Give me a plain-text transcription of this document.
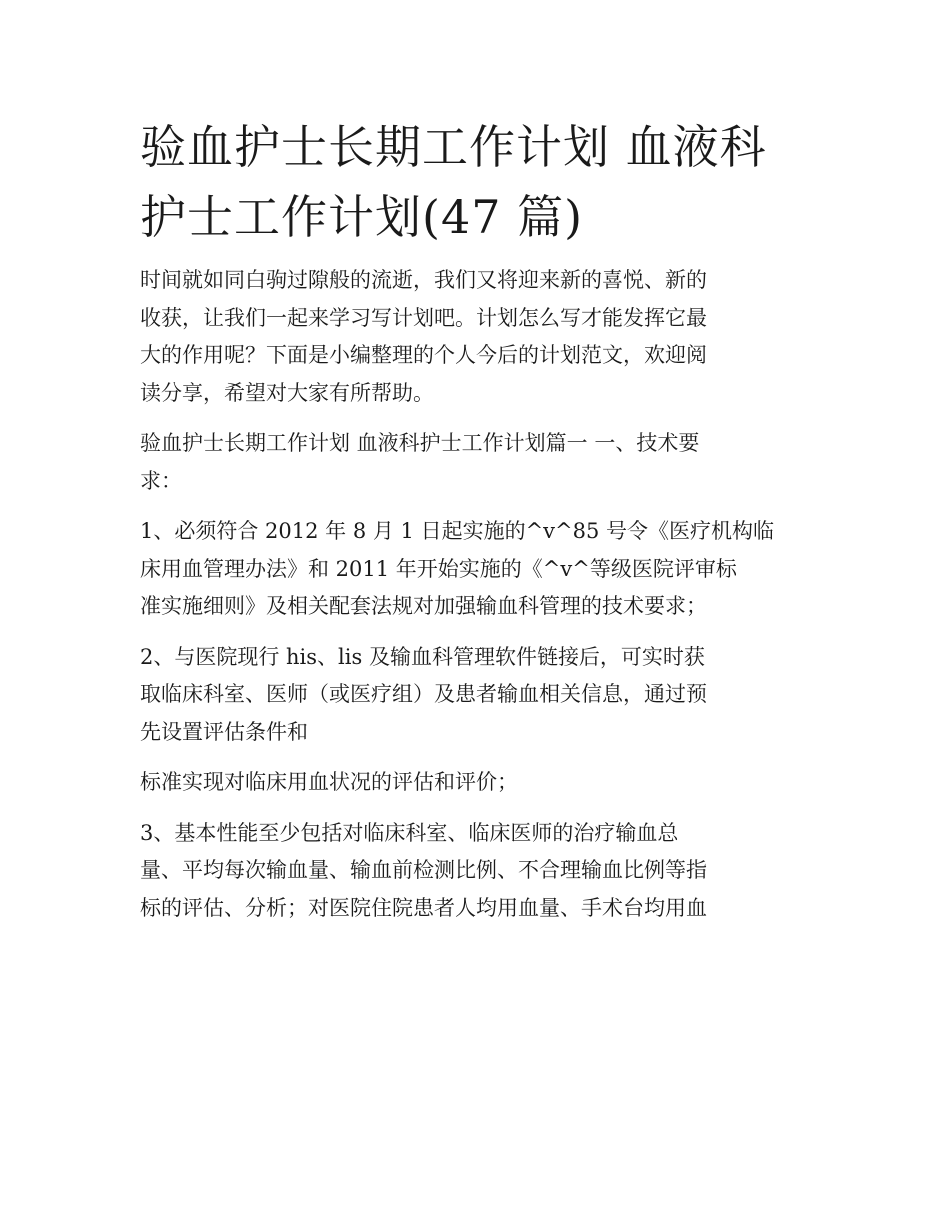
验血护士长期工作计划 血液科
护士工作计划(47 篇)
时间就如同白驹过隙般的流逝，我们又将迎来新的喜悦、新的
收获，让我们一起来学习写计划吧。计划怎么写才能发挥它最
大的作用呢？下面是小编整理的个人今后的计划范文，欢迎阅
读分享，希望对大家有所帮助。
验血护士长期工作计划 血液科护士工作计划篇一 一、技术要
求：
1、必须符合 2012 年 8 月 1 日起实施的^v^85 号令《医疗机构临
床用血管理办法》和 2011 年开始实施的《^v^等级医院评审标
准实施细则》及相关配套法规对加强输血科管理的技术要求；
2、与医院现行 his、lis 及输血科管理软件链接后，可实时获
取临床科室、医师（或医疗组）及患者输血相关信息，通过预
先设置评估条件和
标准实现对临床用血状况的评估和评价；
3、基本性能至少包括对临床科室、临床医师的治疗输血总
量、平均每次输血量、输血前检测比例、不合理输血比例等指
标的评估、分析；对医院住院患者人均用血量、手术台均用血
